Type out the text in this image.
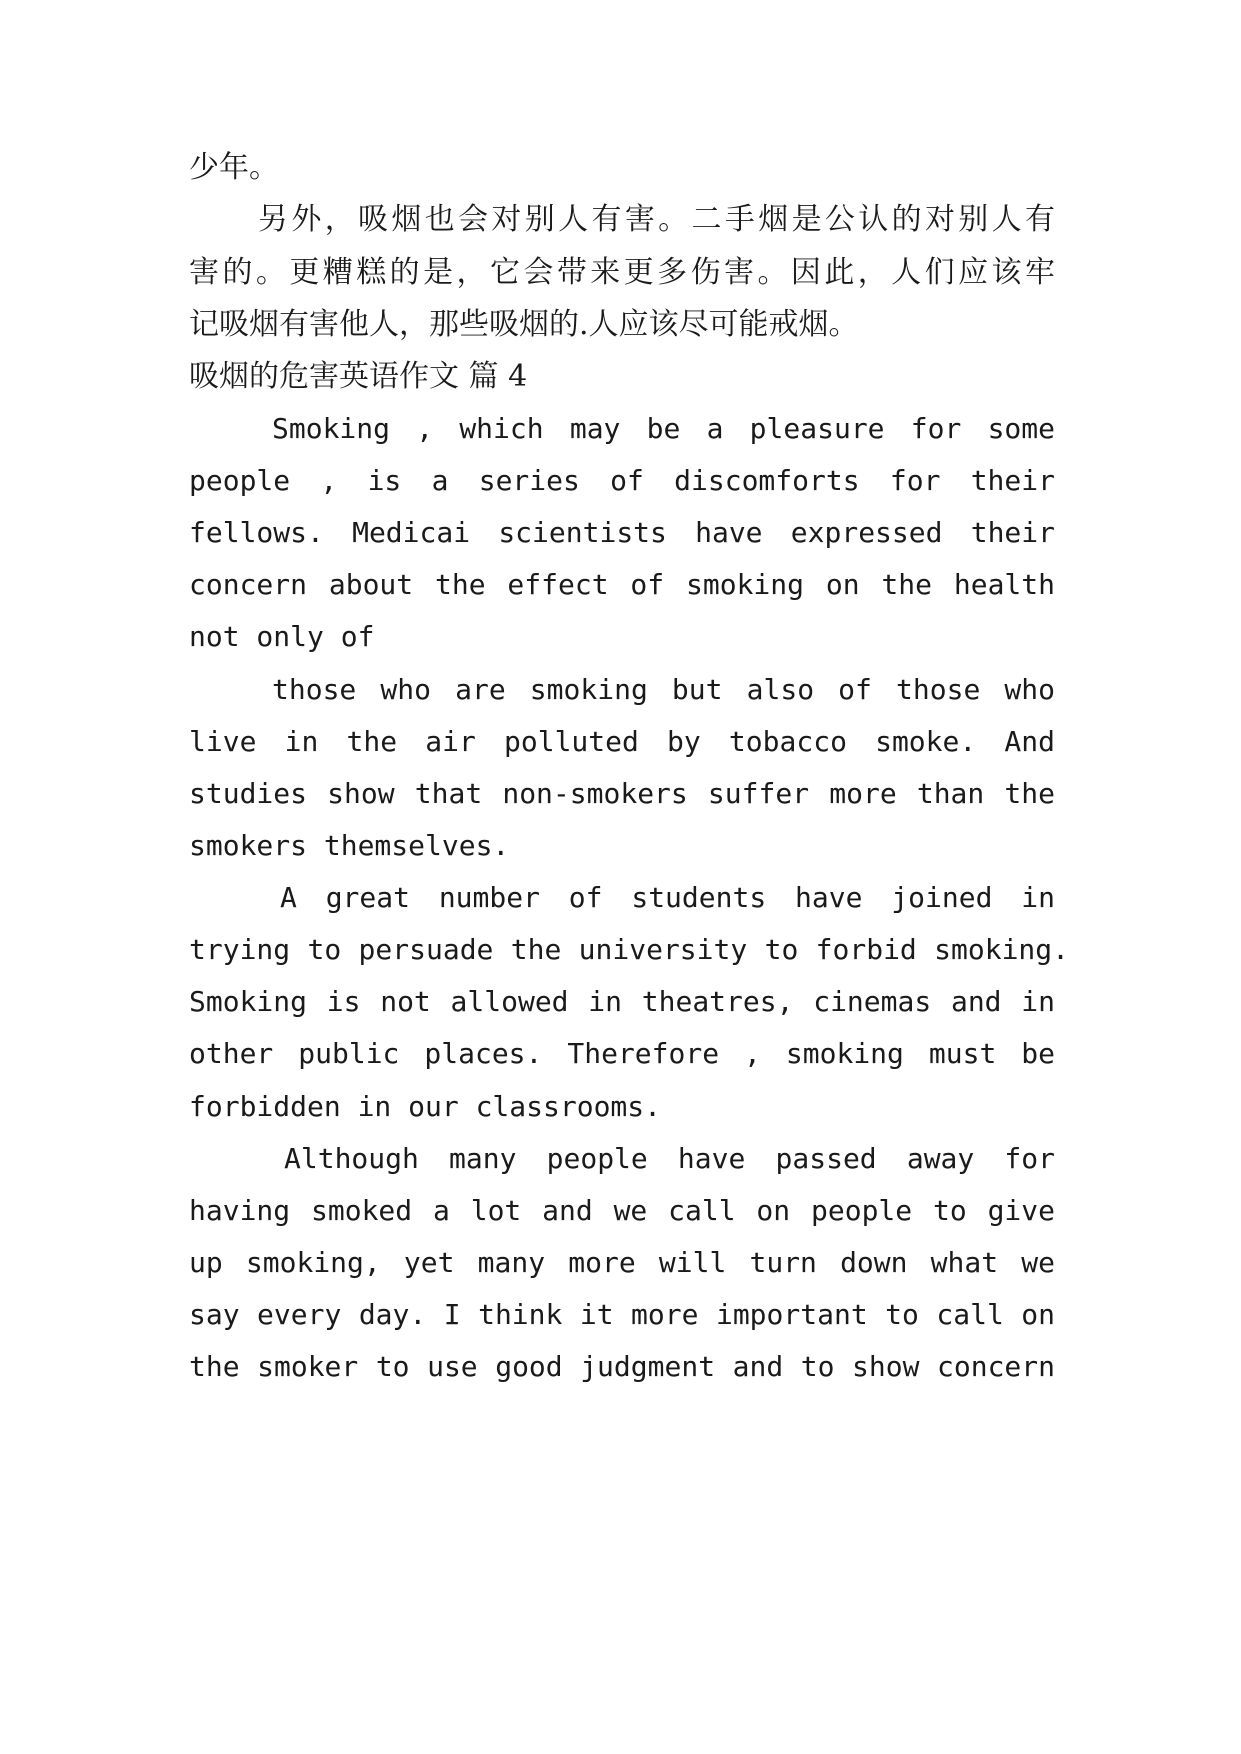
少年。
另外，吸烟也会对别人有害。二手烟是公认的对别人有
害的。更糟糕的是，它会带来更多伤害。因此，人们应该牢
记吸烟有害他人，那些吸烟的.人应该尽可能戒烟。
吸烟的危害英语作文 篇 4
Smoking , which may be a pleasure for some
people , is a series of discomforts for their
fellows. Medicai scientists have expressed their
concern about the effect of smoking on the health
not only of
those who are smoking but also of those who
live in the air polluted by tobacco smoke. And
studies show that non-smokers suffer more than the
smokers themselves.
A great number of students have joined in
trying to persuade the university to forbid smoking.
Smoking is not allowed in theatres, cinemas and in
other public places. Therefore , smoking must be
forbidden in our classrooms.
Although many people have passed away for
having smoked a lot and we call on people to give
up smoking, yet many more will turn down what we
say every day. I think it more important to call on
the smoker to use good judgment and to show concern
